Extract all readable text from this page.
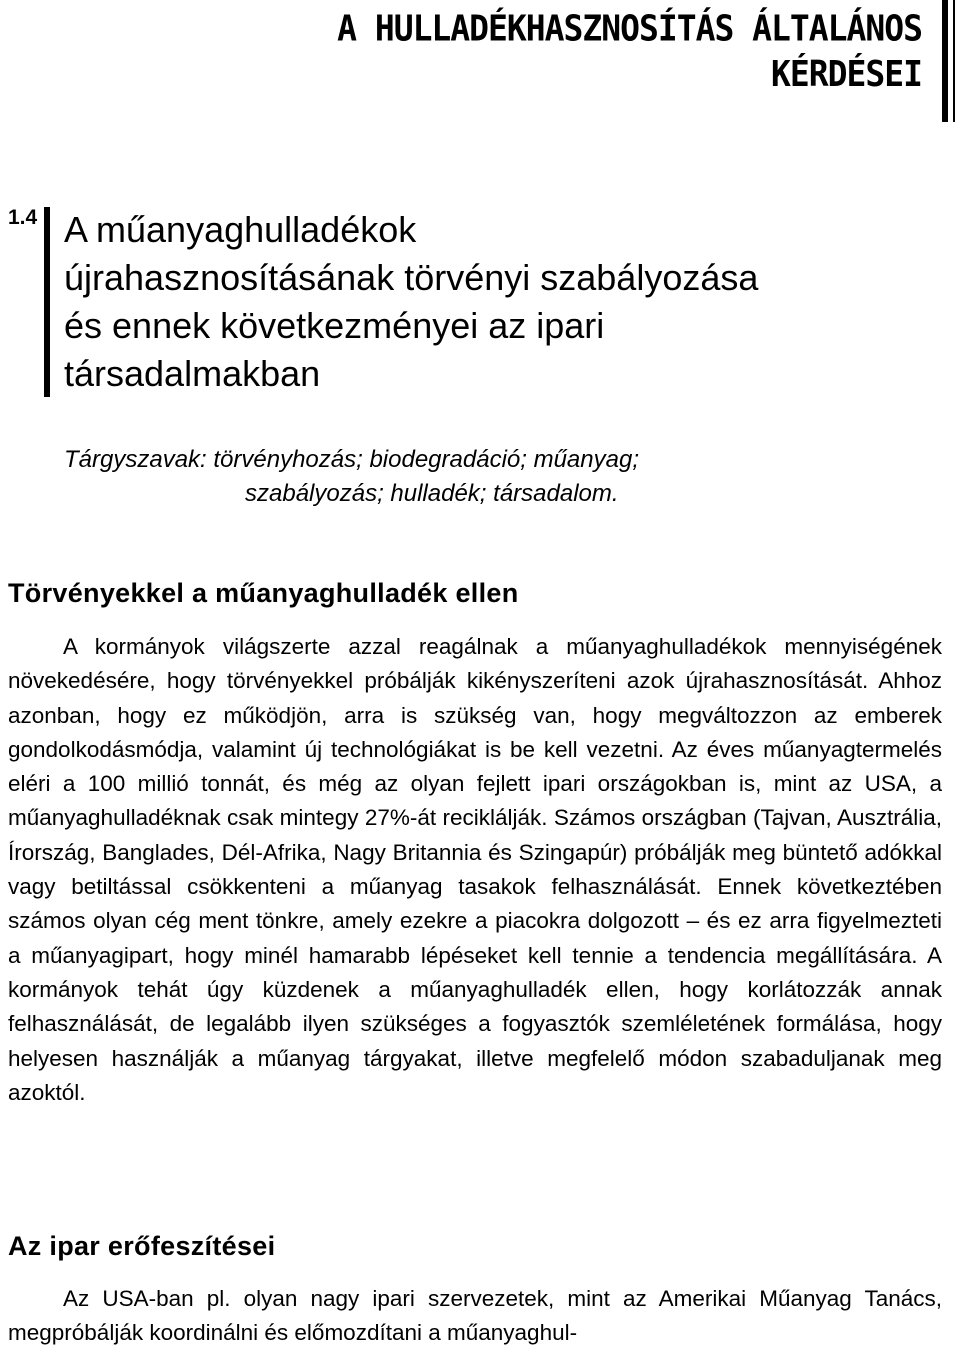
A HULLADÉKHASZNOSÍTÁS ÁLTALÁNOS
KÉRDÉSEI
1.4 A műanyaghulladékok
újrahasznosításának törvényi szabályozása
és ennek következményei az ipari
társadalmakban
Tárgyszavak: törvényhozás; biodegradáció; műanyag;
szabályozás; hulladék; társadalom.
Törvényekkel a műanyaghulladék ellen

A kormányok világszerte azzal reagálnak a műanyaghulladékok mennyiségének növekedésére, hogy törvényekkel próbálják kikényszeríteni azok újrahasznosítását. Ahhoz azonban, hogy ez működjön, arra is szükség van, hogy megváltozzon az emberek gondolkodásmódja, valamint új technológiákat is be kell vezetni. Az éves műanyagtermelés eléri a 100 millió tonnát, és még az olyan fejlett ipari országokban is, mint az USA, a műanyaghulladéknak csak mintegy 27%-át reciklálják. Számos országban (Tajvan, Ausztrália, Írország, Banglades, Dél-Afrika, Nagy Britannia és Szingapúr) próbálják meg büntető adókkal vagy betiltással csökkenteni a műanyag tasakok felhasználását. Ennek következtében számos olyan cég ment tönkre, amely ezekre a piacokra dolgozott – és ez arra figyelmezteti a műanyagipart, hogy minél hamarabb lépéseket kell tennie a tendencia megállítására. A kormányok tehát úgy küzdenek a műanyaghulladék ellen, hogy korlátozzák annak felhasználását, de legalább ilyen szükséges a fogyasztók szemléletének formálása, hogy helyesen használják a műanyag tárgyakat, illetve megfelelő módon szabaduljanak meg azoktól.

Az ipar erőfeszítései

Az USA-ban pl. olyan nagy ipari szervezetek, mint az Amerikai Műanyag Tanács, megpróbálják koordinálni és előmozdítani a műanyaghul-
